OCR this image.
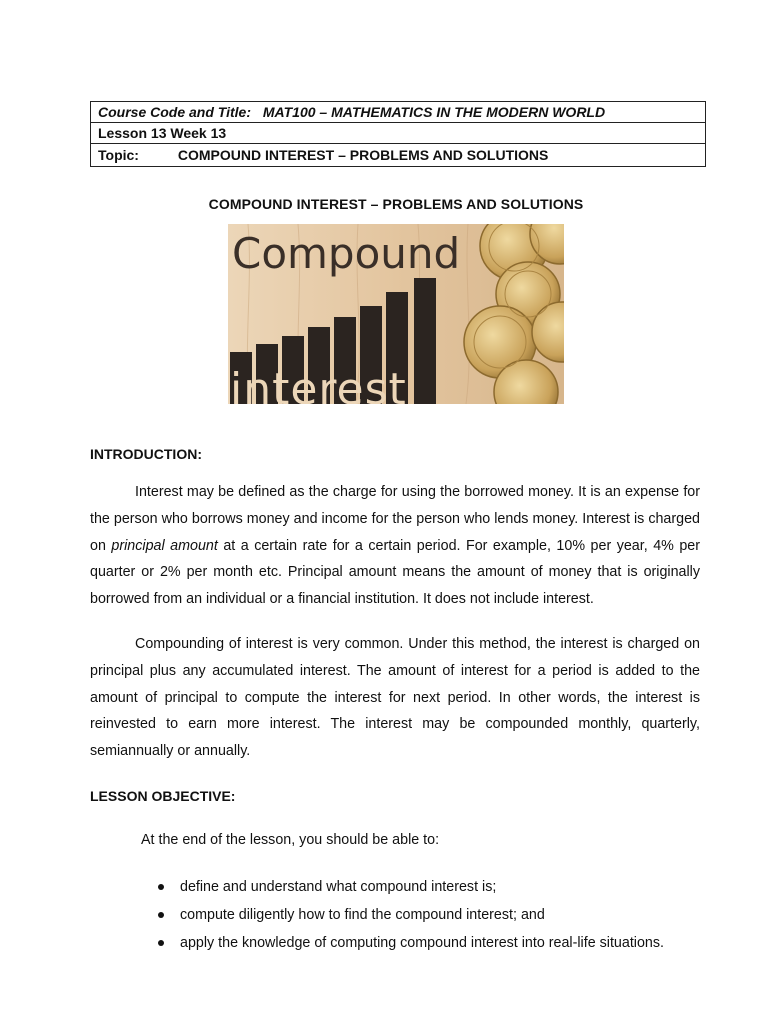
Course Code and Title: MAT100 – MATHEMATICS IN THE MODERN WORLD
Lesson 13 Week 13
Topic:	COMPOUND INTEREST – PROBLEMS AND SOLUTIONS
COMPOUND INTEREST – PROBLEMS AND SOLUTIONS
Compound
interest
INTRODUCTION:

Interest may be defined as the charge for using the borrowed money. It is an expense for the person who borrows money and income for the person who lends money. Interest is charged on principal amount at a certain rate for a certain period. For example, 10% per year, 4% per quarter or 2% per month etc. Principal amount means the amount of money that is originally borrowed from an individual or a financial institution. It does not include interest.

Compounding of interest is very common. Under this method, the interest is charged on principal plus any accumulated interest. The amount of interest for a period is added to the amount of principal to compute the interest for next period. In other words, the interest is reinvested to earn more interest. The interest may be compounded monthly, quarterly, semiannually or annually.

LESSON OBJECTIVE:
At the end of the lesson, you should be able to:
define and understand what compound interest is;
compute diligently how to find the compound interest; and
apply the knowledge of computing compound interest into real-life situations.
